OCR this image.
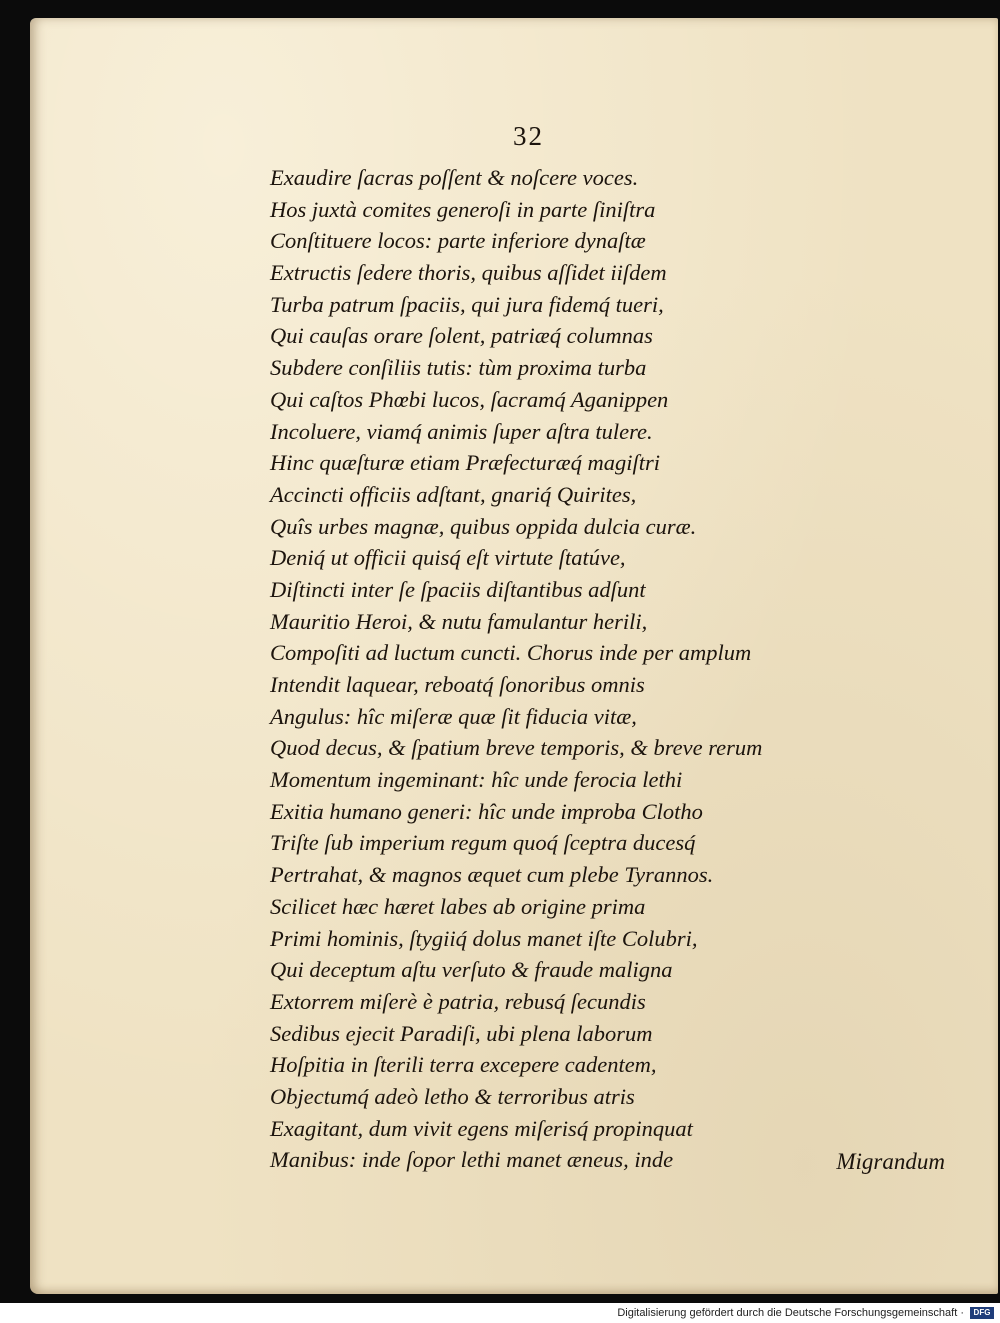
32
Exaudire ſacras poſſent & noſcere voces.
Hos juxtà comites generoſi in parte ſiniſtra
Conſtituere locos: parte inferiore dynaſtæ
Extructis ſedere thoris, quibus aſſidet iiſdem
Turba patrum ſpaciis, qui jura fidemq́ tueri,
Qui cauſas orare ſolent, patriæq́ columnas
Subdere conſiliis tutis: tùm proxima turba
Qui caſtos Phœbi lucos, ſacramq́ Aganippen
Incoluere, viamq́ animis ſuper aſtra tulere.
Hinc quæſturæ etiam Præfecturæq́ magiſtri
Accincti officiis adſtant, gnariq́ Quirites,
Quîs urbes magnæ, quibus oppida dulcia curæ.
Deniq́ ut officii quisq́ eſt virtute ſtatúve,
Diſtincti inter ſe ſpaciis diſtantibus adſunt
Mauritio Heroi, & nutu famulantur herili,
Compoſiti ad luctum cuncti. Chorus inde per amplum
Intendit laquear, reboatq́ ſonoribus omnis
Angulus: hîc miſeræ quæ ſit fiducia vitæ,
Quod decus, & ſpatium breve temporis, & breve rerum
Momentum ingeminant: hîc unde ferocia lethi
Exitia humano generi: hîc unde improba Clotho
Triſte ſub imperium regum quoq́ ſceptra ducesq́
Pertrahat, & magnos æquet cum plebe Tyrannos.
Scilicet hæc hæret labes ab origine prima
Primi hominis, ſtygiiq́ dolus manet iſte Colubri,
Qui deceptum aſtu verſuto & fraude maligna
Extorrem miſerè è patria, rebusq́ ſecundis
Sedibus ejecit Paradiſi, ubi plena laborum
Hoſpitia in ſterili terra excepere cadentem,
Objectumq́ adeò letho & terroribus atris
Exagitant, dum vivit egens miſerisq́ propinquat
Manibus: inde ſopor lethi manet æneus, inde	Migrandum
Digitalisierung gefördert durch die Deutsche Forschungsgemeinschaft ·	DFG
